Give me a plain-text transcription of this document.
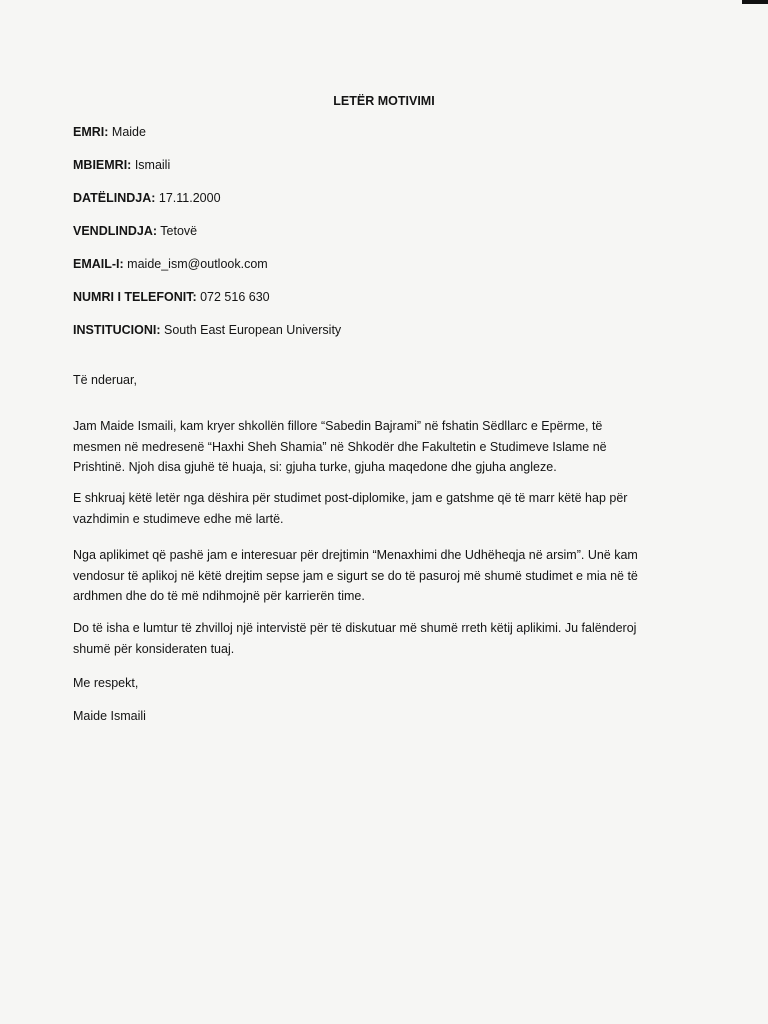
LETËR MOTIVIMI
EMRI: Maide
MBIEMRI: Ismaili
DATËLINDJA: 17.11.2000
VENDLINDJA: Tetovë
EMAIL-I: maide_ism@outlook.com
NUMRI I TELEFONIT: 072 516 630
INSTITUCIONI: South East European University
Të nderuar,
Jam Maide Ismaili, kam kryer shkollën fillore “Sabedin Bajrami” në fshatin Sëdllarc e Epërme, të
mesmen në medresenë “Haxhi Sheh Shamia” në Shkodër dhe Fakultetin e Studimeve Islame në
Prishtinë. Njoh disa gjuhë të huaja, si: gjuha turke, gjuha maqedone dhe gjuha angleze.
E shkruaj këtë letër nga dëshira për studimet post-diplomike, jam e gatshme që të marr këtë hap për
vazhdimin e studimeve edhe më lartë.
Nga aplikimet që pashë jam e interesuar për drejtimin “Menaxhimi dhe Udhëheqja në arsim”. Unë kam
vendosur të aplikoj në këtë drejtim sepse jam e sigurt se do të pasuroj më shumë studimet e mia në të
ardhmen dhe do të më ndihmojnë për karrierën time.
Do të isha e lumtur të zhvilloj një intervistë për të diskutuar më shumë rreth këtij aplikimi. Ju falënderoj
shumë për konsideraten tuaj.
Me respekt,
Maide Ismaili
